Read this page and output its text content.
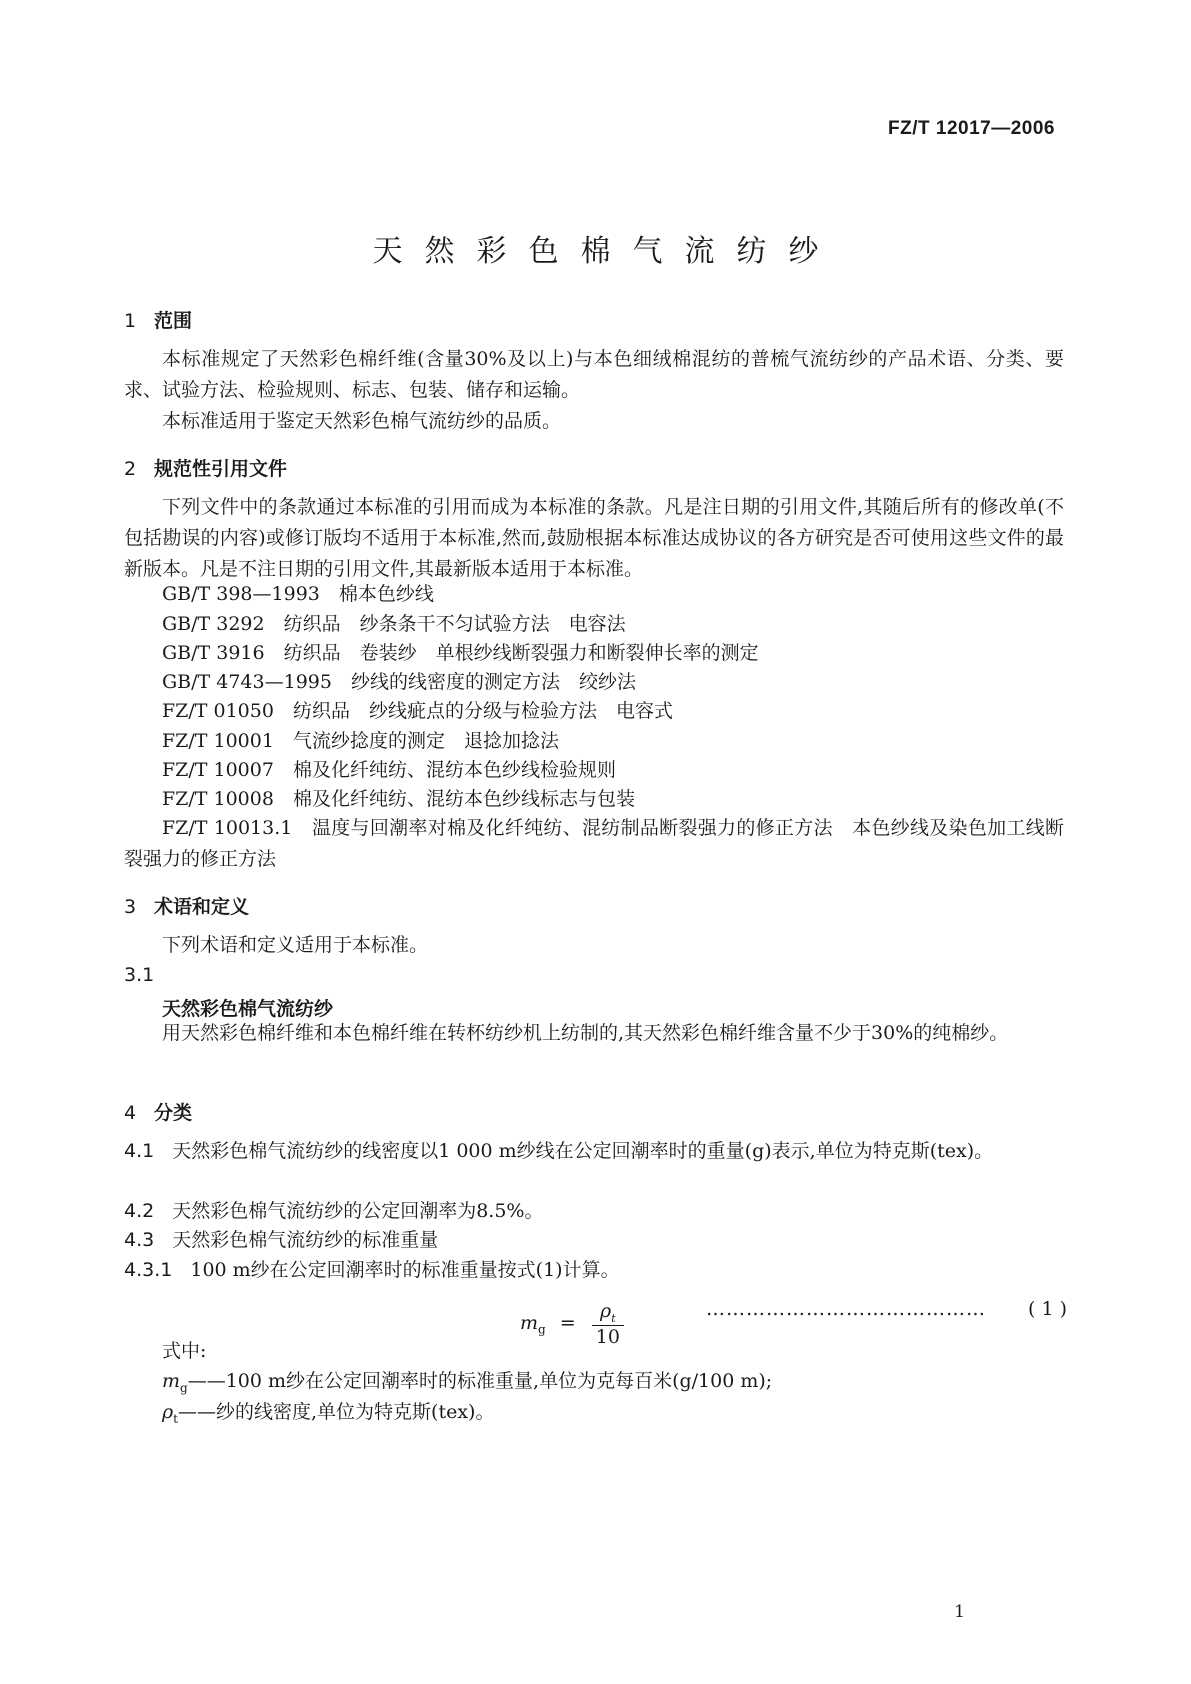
FZ/T 12017—2006
天然彩色棉气流纺纱
1 范围
本标准规定了天然彩色棉纤维(含量30%及以上)与本色细绒棉混纺的普梳气流纺纱的产品术语、分类、要求、试验方法、检验规则、标志、包装、储存和运输。
本标准适用于鉴定天然彩色棉气流纺纱的品质。
2 规范性引用文件
下列文件中的条款通过本标准的引用而成为本标准的条款。凡是注日期的引用文件,其随后所有的修改单(不包括勘误的内容)或修订版均不适用于本标准,然而,鼓励根据本标准达成协议的各方研究是否可使用这些文件的最新版本。凡是不注日期的引用文件,其最新版本适用于本标准。
GB/T 398—1993　棉本色纱线
GB/T 3292　纺织品　纱条条干不匀试验方法　电容法
GB/T 3916　纺织品　卷装纱　单根纱线断裂强力和断裂伸长率的测定
GB/T 4743—1995　纱线的线密度的测定方法　绞纱法
FZ/T 01050　纺织品　纱线疵点的分级与检验方法　电容式
FZ/T 10001　气流纱捻度的测定　退捻加捻法
FZ/T 10007　棉及化纤纯纺、混纺本色纱线检验规则
FZ/T 10008　棉及化纤纯纺、混纺本色纱线标志与包装
FZ/T 10013.1　温度与回潮率对棉及化纤纯纺、混纺制品断裂强力的修正方法　本色纱线及染色加工线断裂强力的修正方法
3 术语和定义
下列术语和定义适用于本标准。
3.1
天然彩色棉气流纺纱
用天然彩色棉纤维和本色棉纤维在转杯纺纱机上纺制的,其天然彩色棉纤维含量不少于30%的纯棉纱。
4 分类
4.1 天然彩色棉气流纺纱的线密度以1 000 m纱线在公定回潮率时的重量(g)表示,单位为特克斯(tex)。
4.2 天然彩色棉气流纺纱的公定回潮率为8.5%。
4.3 天然彩色棉气流纺纱的标准重量
4.3.1 100 m纱在公定回潮率时的标准重量按式(1)计算。
$m_g = \frac{\rho_t}{10}$	…………………………………… ( 1 )
式中:
$m_g——100$ m纱在公定回潮率时的标准重量,单位为克每百米(g/100 m);
$\rho_t——$纱的线密度,单位为特克斯(tex)。
1
